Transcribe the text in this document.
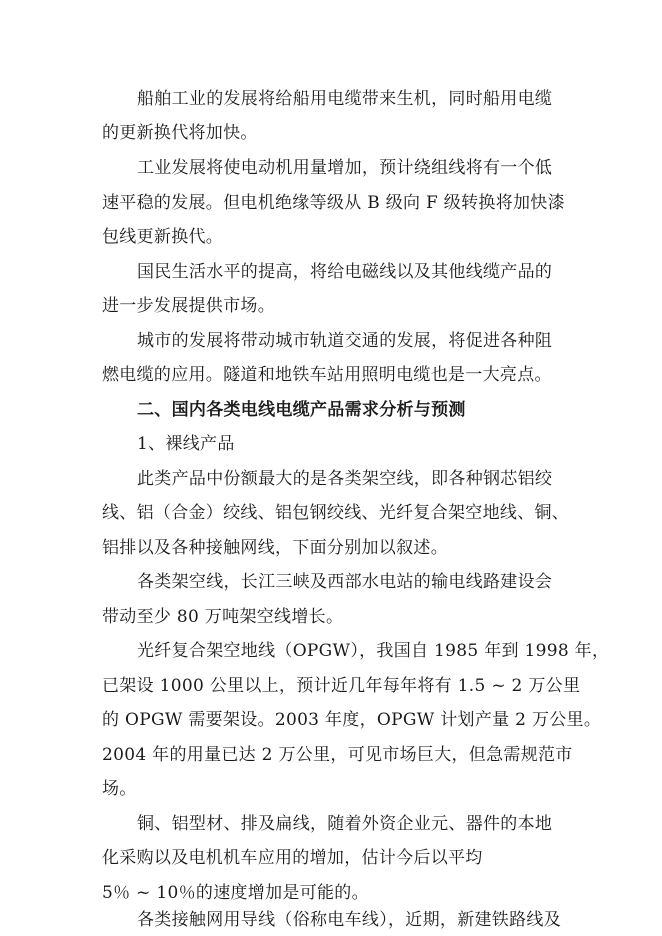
船舶工业的发展将给船用电缆带来生机，同时船用电缆
的更新换代将加快。
工业发展将使电动机用量增加，预计绕组线将有一个低
速平稳的发展。但电机绝缘等级从 B 级向 F 级转换将加快漆
包线更新换代。
国民生活水平的提高，将给电磁线以及其他线缆产品的
进一步发展提供市场。
城市的发展将带动城市轨道交通的发展，将促进各种阻
燃电缆的应用。隧道和地铁车站用照明电缆也是一大亮点。
二、国内各类电线电缆产品需求分析与预测
1、裸线产品
此类产品中份额最大的是各类架空线，即各种钢芯铝绞
线、铝（合金）绞线、铝包钢绞线、光纤复合架空地线、铜、
铝排以及各种接触网线，下面分别加以叙述。
各类架空线，长江三峡及西部水电站的输电线路建设会
带动至少 80 万吨架空线增长。
光纤复合架空地线（OPGW），我国自 1985 年到 1998 年，
已架设 1000 公里以上，预计近几年每年将有 1.5 ~ 2 万公里
的 OPGW 需要架设。2003 年度，OPGW 计划产量 2 万公里。
2004 年的用量已达 2 万公里，可见市场巨大，但急需规范市
场。
铜、铝型材、排及扁线，随着外资企业元、器件的本地
化采购以及电机机车应用的增加，估计今后以平均
5％ ~ 10％的速度增加是可能的。
各类接触网用导线（俗称电车线），近期，新建铁路线及
